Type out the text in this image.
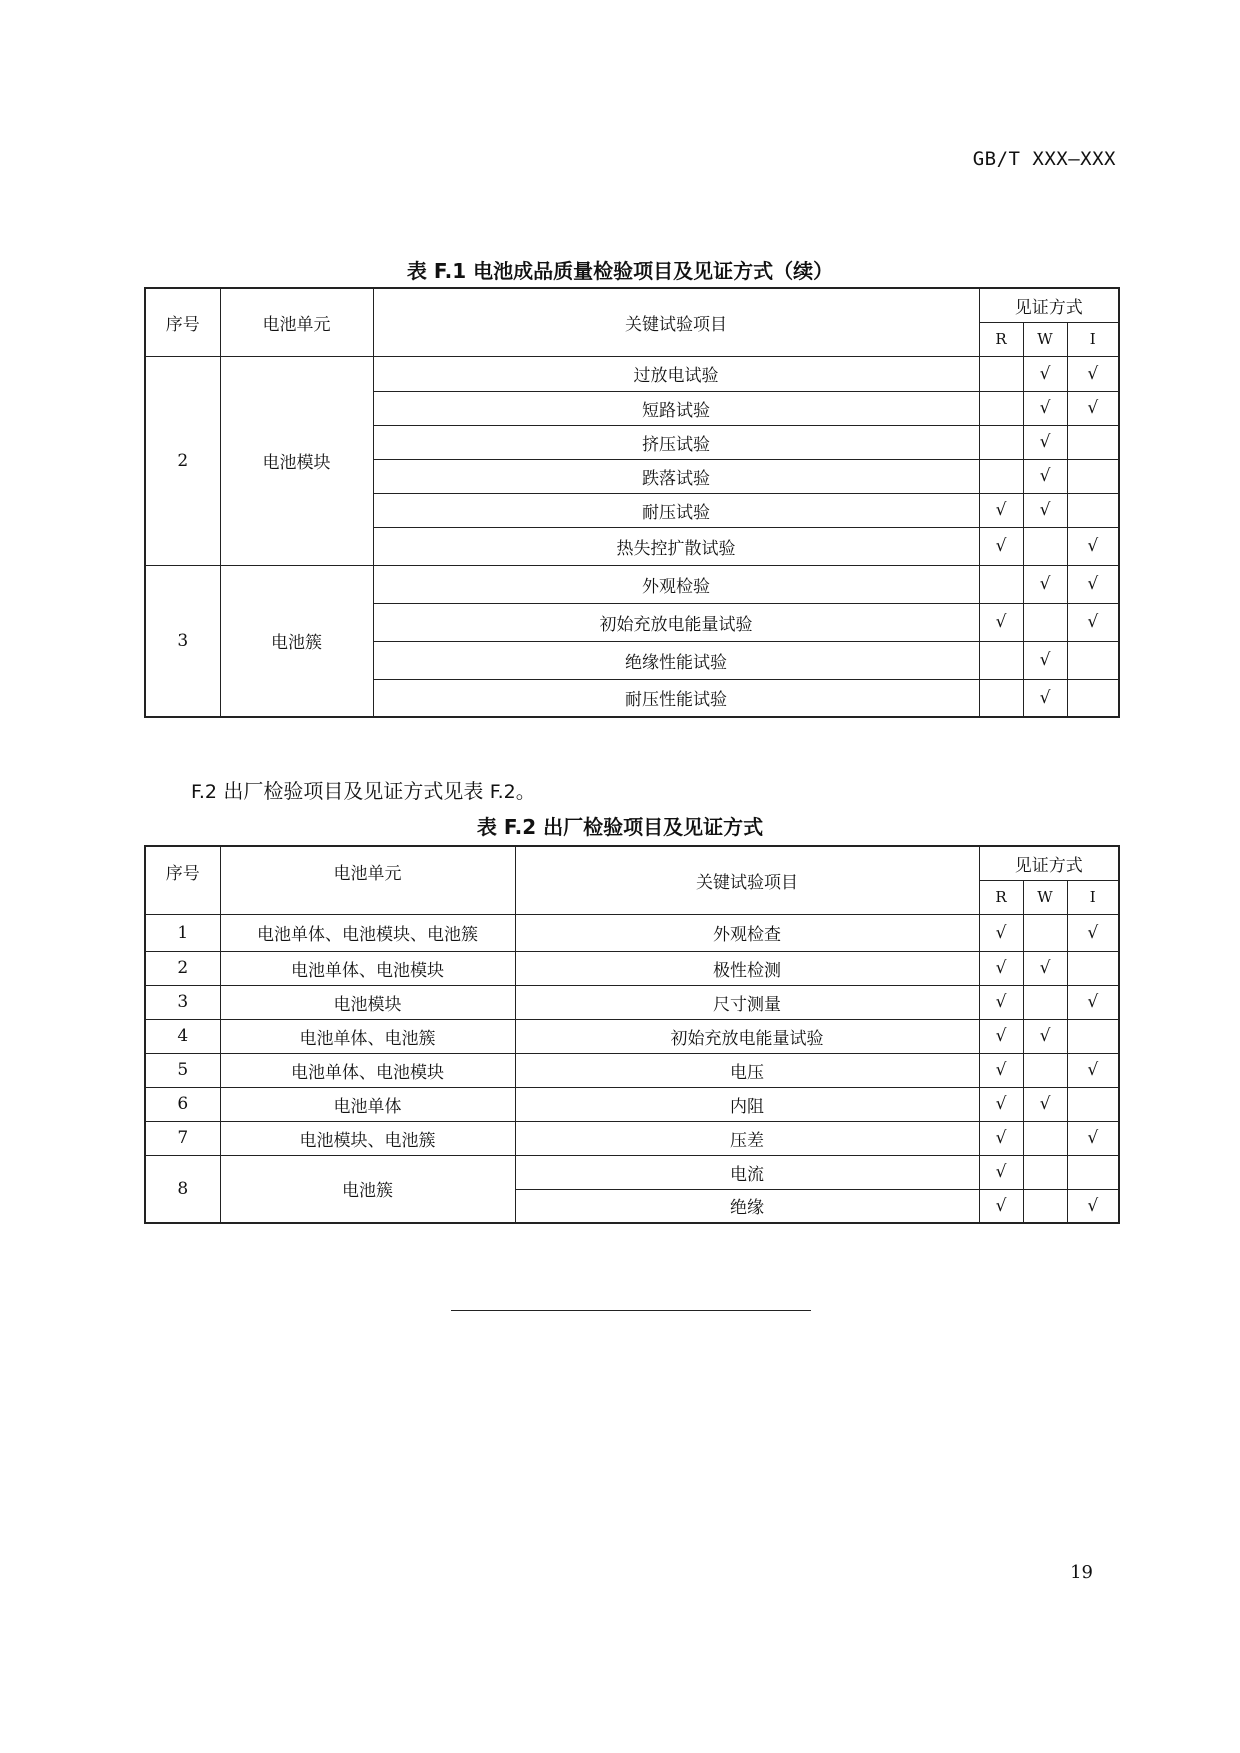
GB/T XXX—XXX
表 F.1 电池成品质量检验项目及见证方式（续）
序号	电池单元	关键试验项目	见证方式		
			R	W	I
2	电池模块	过放电试验		√	√
		短路试验		√	√
		挤压试验		√	
		跌落试验		√	
		耐压试验	√	√	
		热失控扩散试验	√		√
3	电池簇	外观检验		√	√
		初始充放电能量试验	√		√
		绝缘性能试验		√	
		耐压性能试验		√	
F.2 出厂检验项目及见证方式见表 F.2。
表 F.2 出厂检验项目及见证方式
序号	电池单元	关键试验项目	见证方式		
			R	W	I
1	电池单体、电池模块、电池簇	外观检查	√		√
2	电池单体、电池模块	极性检测	√	√	
3	电池模块	尺寸测量	√		√
4	电池单体、电池簇	初始充放电能量试验	√	√	
5	电池单体、电池模块	电压	√		√
6	电池单体	内阻	√	√	
7	电池模块、电池簇	压差	√		√
8	电池簇	电流	√		
		绝缘	√		√
19
